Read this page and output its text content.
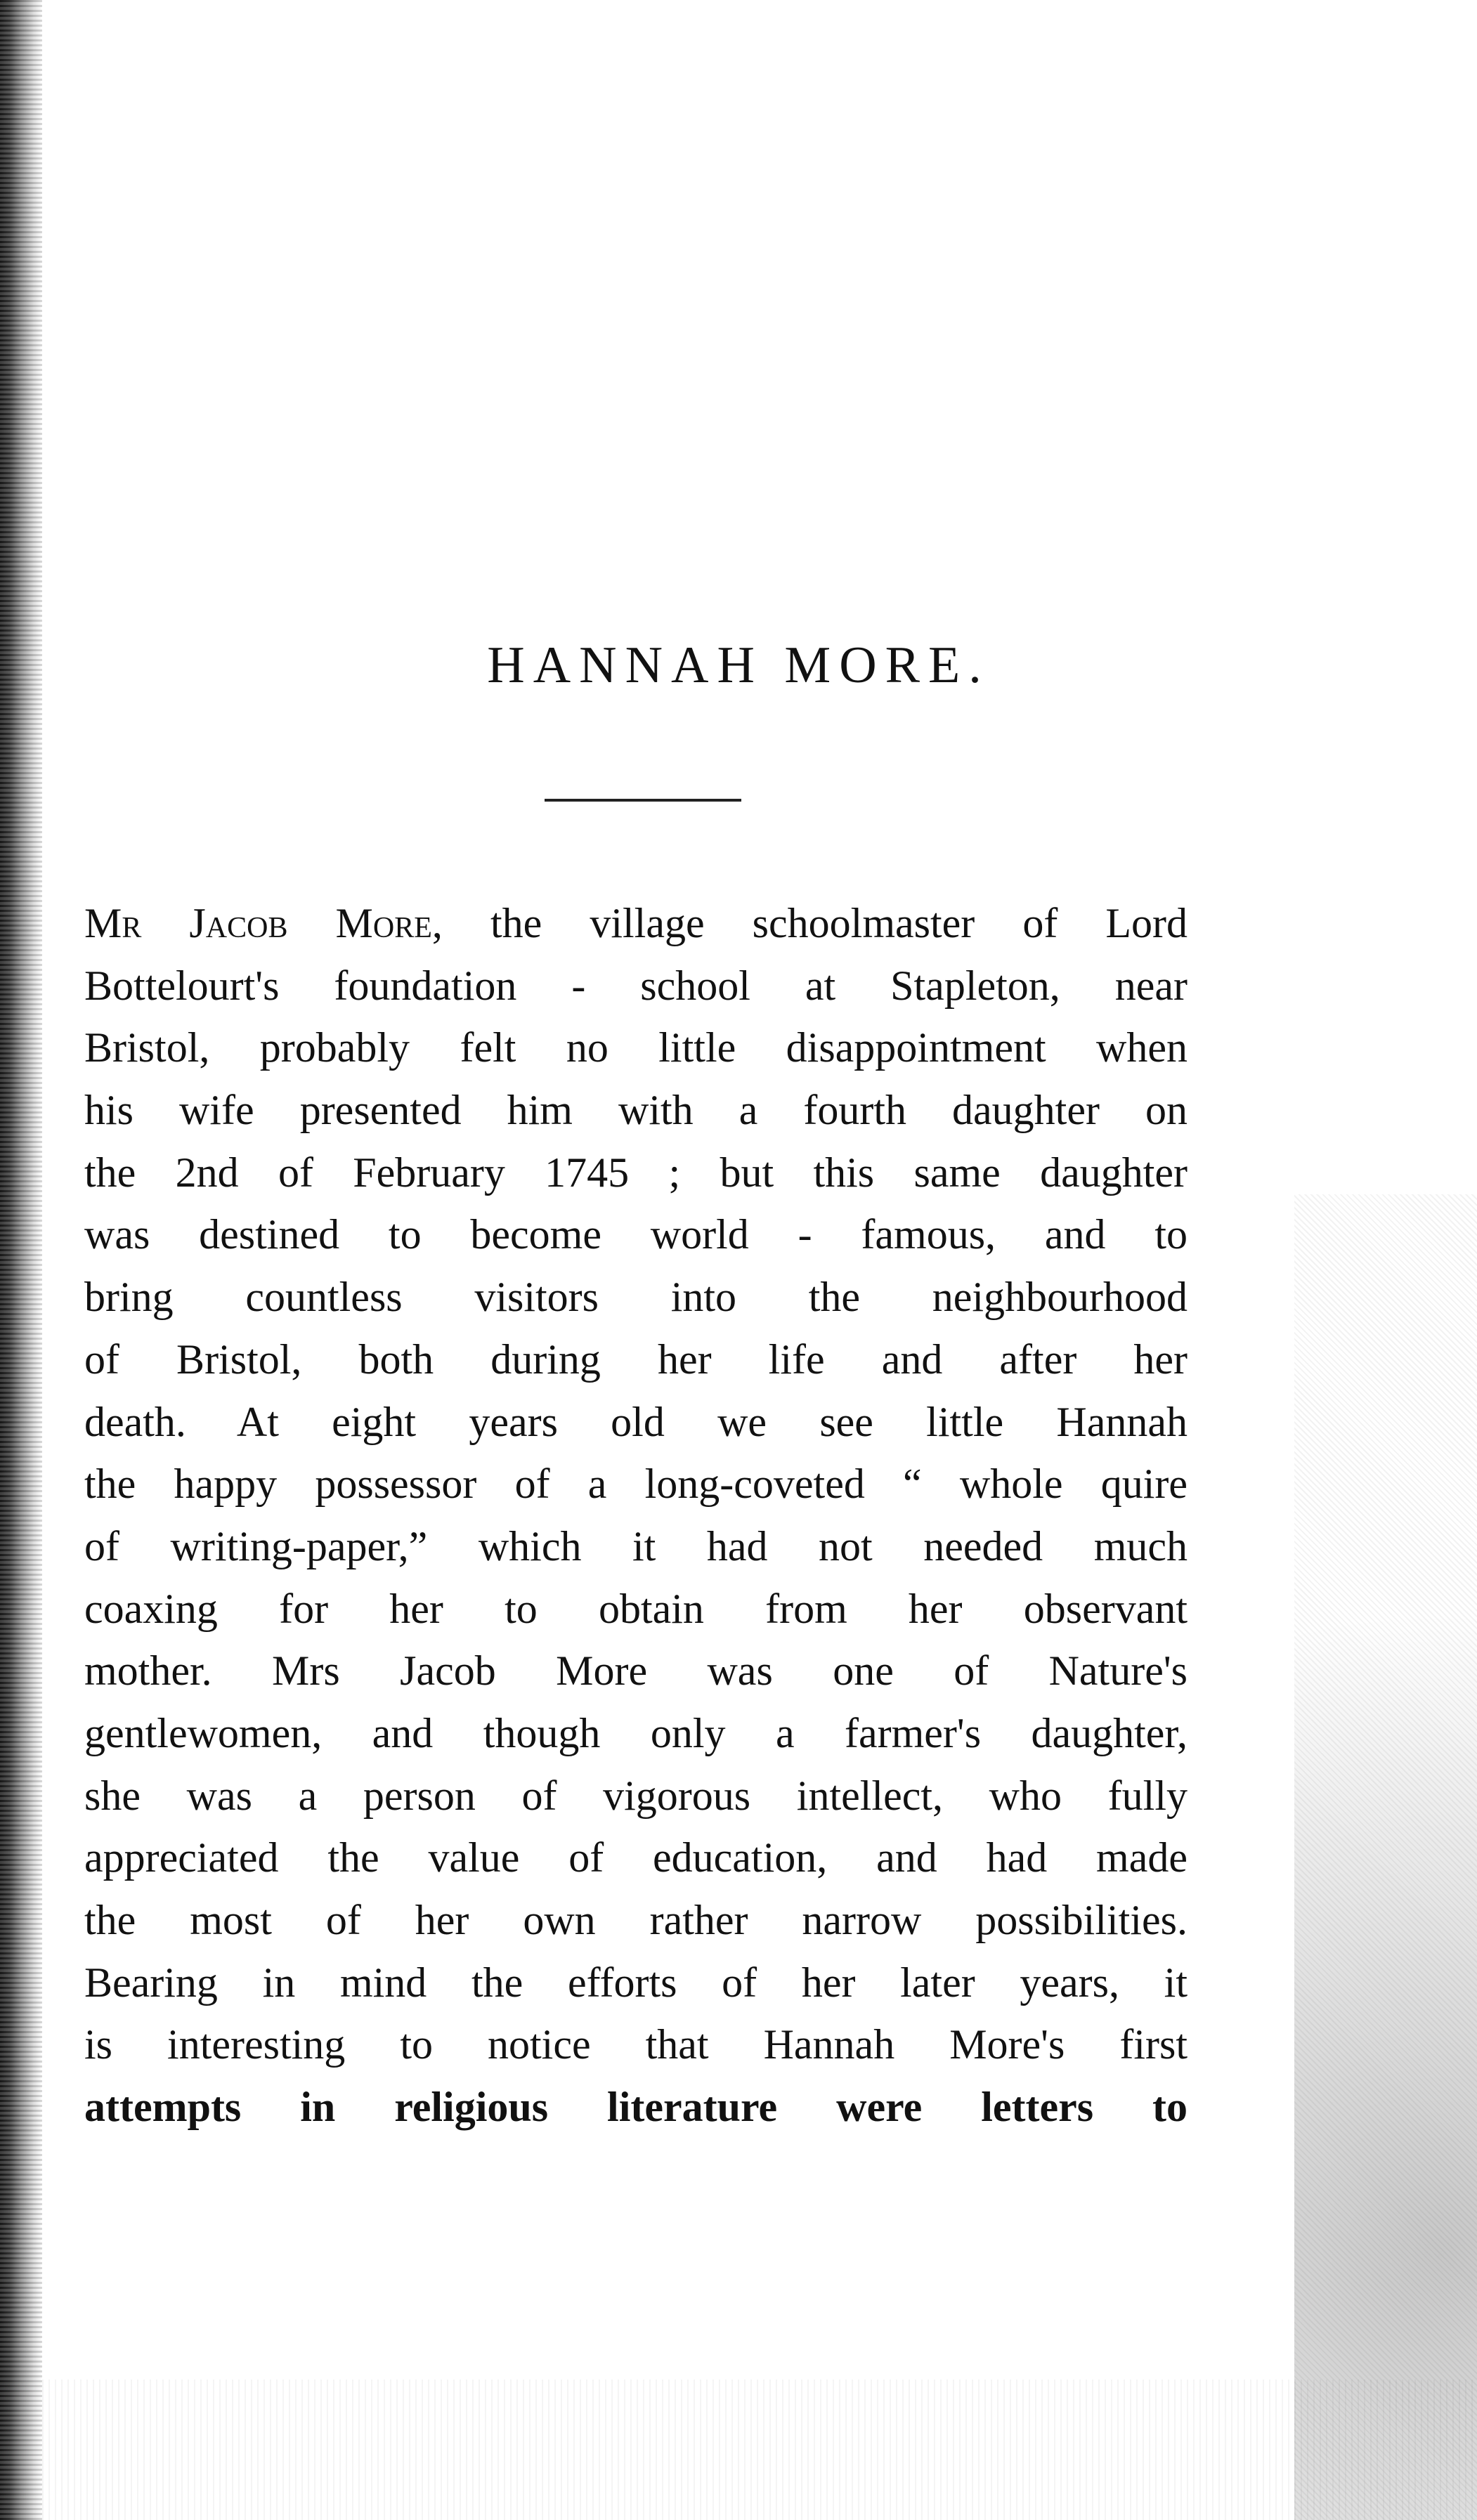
HANNAH MORE.
Mr Jacob More, the village schoolmaster of Lord
Bottelourt's foundation - school at Stapleton, near
Bristol, probably felt no little disappointment when
his wife presented him with a fourth daughter on
the 2nd of February 1745 ; but this same daughter
was destined to become world - famous, and to
bring countless visitors into the neighbourhood
of Bristol, both during her life and after her
death. At eight years old we see little Hannah
the happy possessor of a long-coveted “ whole quire
of writing-paper,” which it had not needed much
coaxing for her to obtain from her observant
mother. Mrs Jacob More was one of Nature's
gentlewomen, and though only a farmer's daughter,
she was a person of vigorous intellect, who fully
appreciated the value of education, and had made
the most of her own rather narrow possibilities.
Bearing in mind the efforts of her later years, it
is interesting to notice that Hannah More's first
attempts in religious literature were letters to
